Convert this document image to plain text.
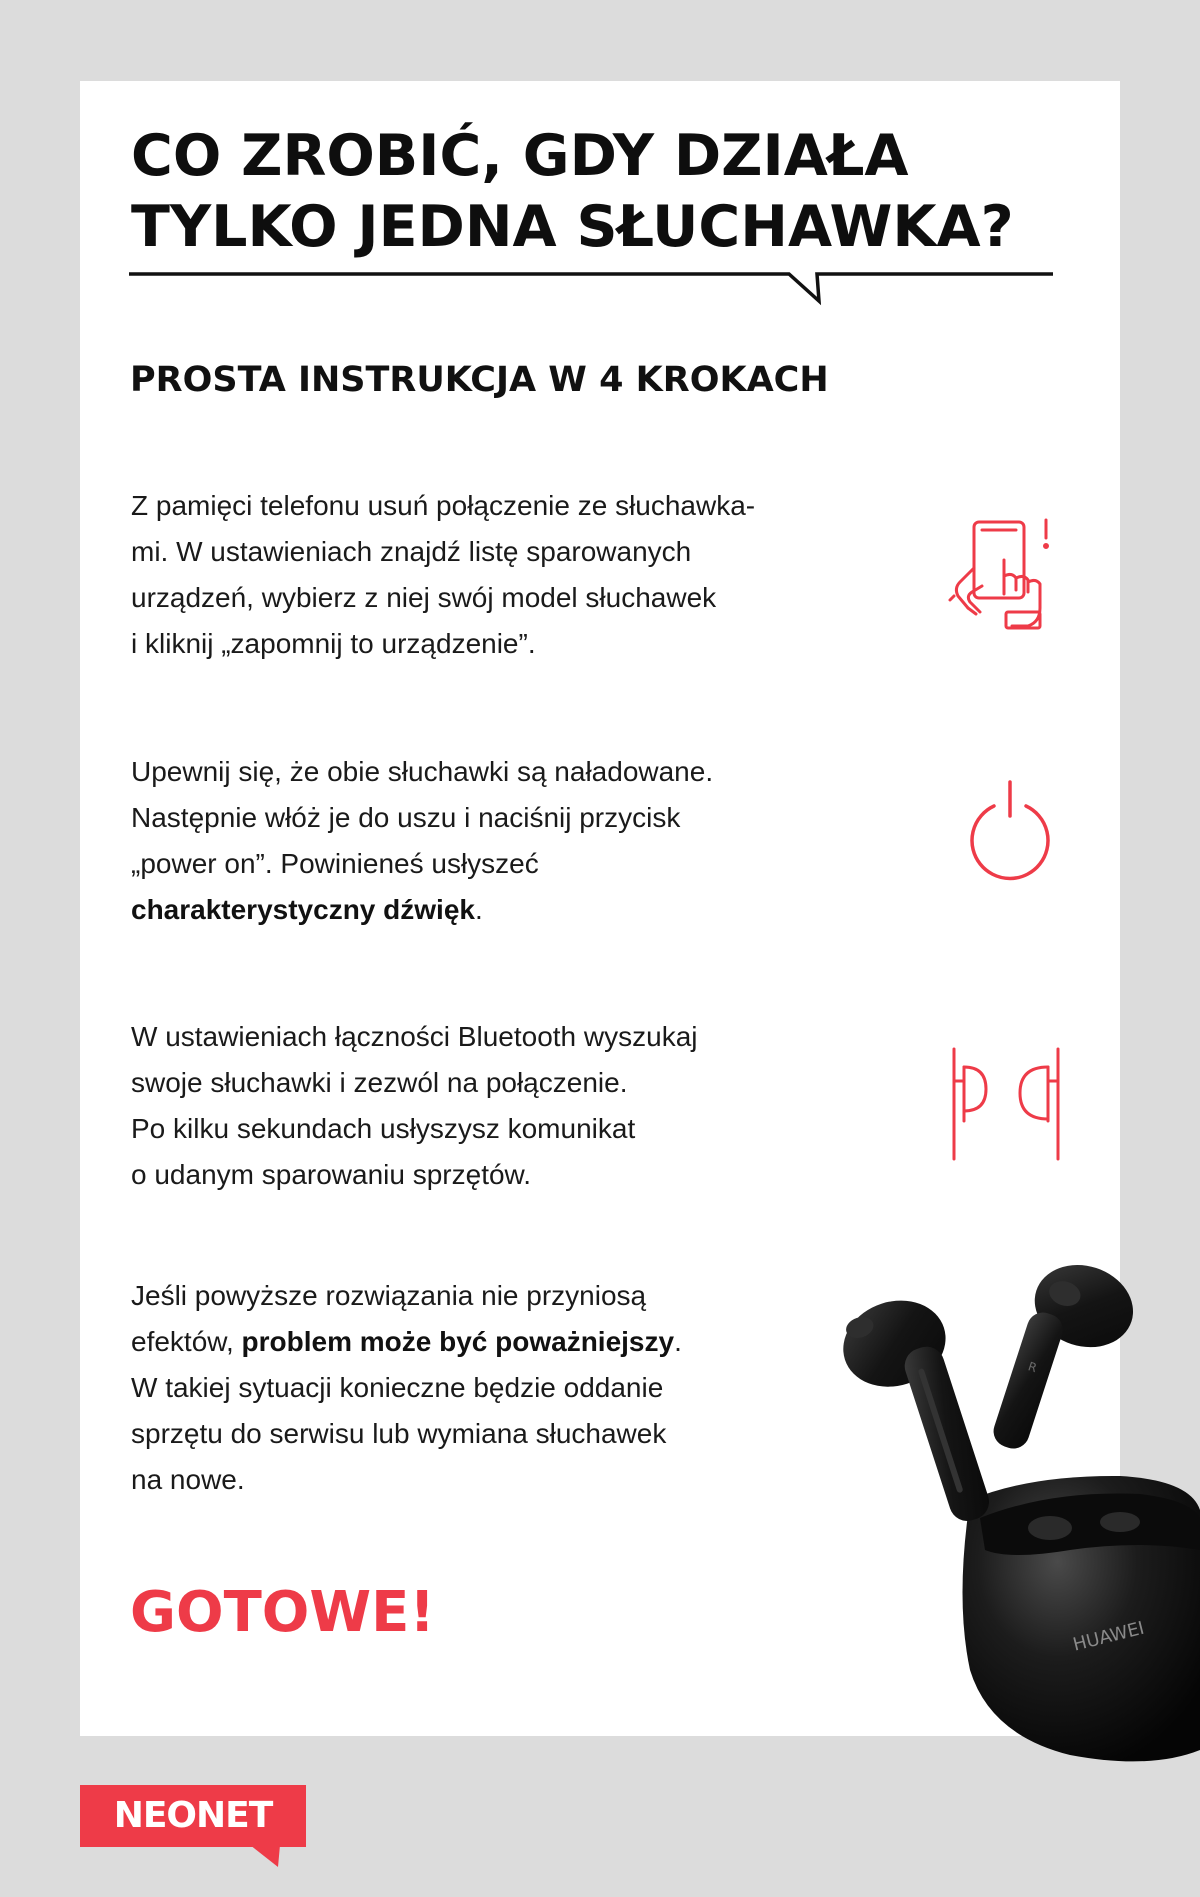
CO ZROBIĆ, GDY DZIAŁA
TYLKO JEDNA SŁUCHAWKA?
PROSTA INSTRUKCJA W 4 KROKACH
Z pamięci telefonu usuń połączenie ze słuchawka-
mi. W ustawieniach znajdź listę sparowanych
urządzeń, wybierz z niej swój model słuchawek
i kliknij „zapomnij to urządzenie”.
Upewnij się, że obie słuchawki są naładowane.
Następnie włóż je do uszu i naciśnij przycisk
„power on”. Powinieneś usłyszeć
charakterystyczny dźwięk.
W ustawieniach łączności Bluetooth wyszukaj
swoje słuchawki i zezwól na połączenie.
Po kilku sekundach usłyszysz komunikat
o udanym sparowaniu sprzętów.
Jeśli powyższe rozwiązania nie przyniosą
efektów, problem może być poważniejszy.
W takiej sytuacji konieczne będzie oddanie
sprzętu do serwisu lub wymiana słuchawek
na nowe.
GOTOWE!	HUAWEI
R
NEONET
